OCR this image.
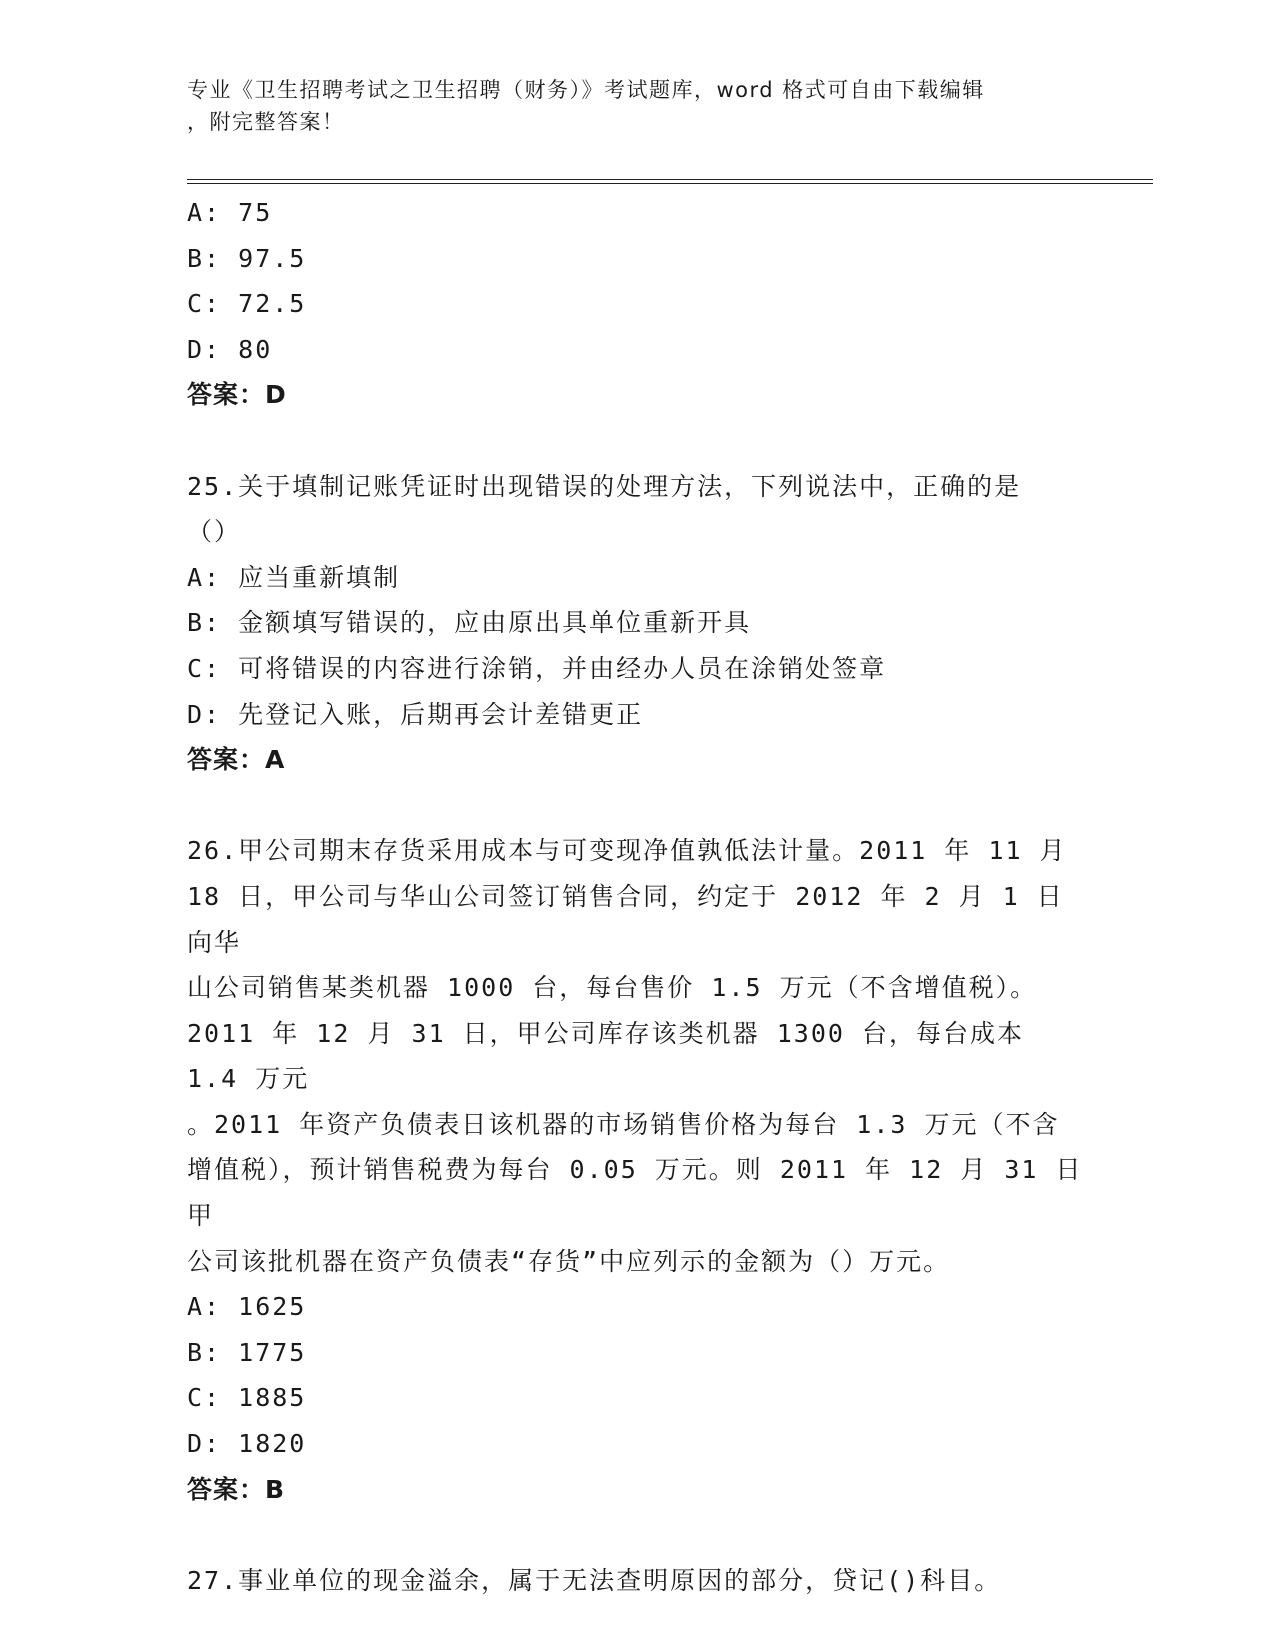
专业《卫生招聘考试之卫生招聘（财务）》考试题库，word 格式可自由下载编辑
，附完整答案！

A: 75

B: 97.5

C: 72.5

D: 80

答案：D

25.关于填制记账凭证时出现错误的处理方法，下列说法中，正确的是

（）

A: 应当重新填制

B: 金额填写错误的，应由原出具单位重新开具

C: 可将错误的内容进行涂销，并由经办人员在涂销处签章

D: 先登记入账，后期再会计差错更正

答案：A

26.甲公司期末存货采用成本与可变现净值孰低法计量。2011 年 11 月

18 日，甲公司与华山公司签订销售合同，约定于 2012 年 2 月 1 日向华

山公司销售某类机器 1000 台，每台售价 1.5 万元（不含增值税）。

2011 年 12 月 31 日，甲公司库存该类机器 1300 台，每台成本 1.4 万元

。2011 年资产负债表日该机器的市场销售价格为每台 1.3 万元（不含

增值税），预计销售税费为每台 0.05 万元。则 2011 年 12 月 31 日甲

公司该批机器在资产负债表“存货”中应列示的金额为（）万元。

A: 1625

B: 1775

C: 1885

D: 1820

答案：B

27.事业单位的现金溢余，属于无法查明原因的部分，贷记()科目。
